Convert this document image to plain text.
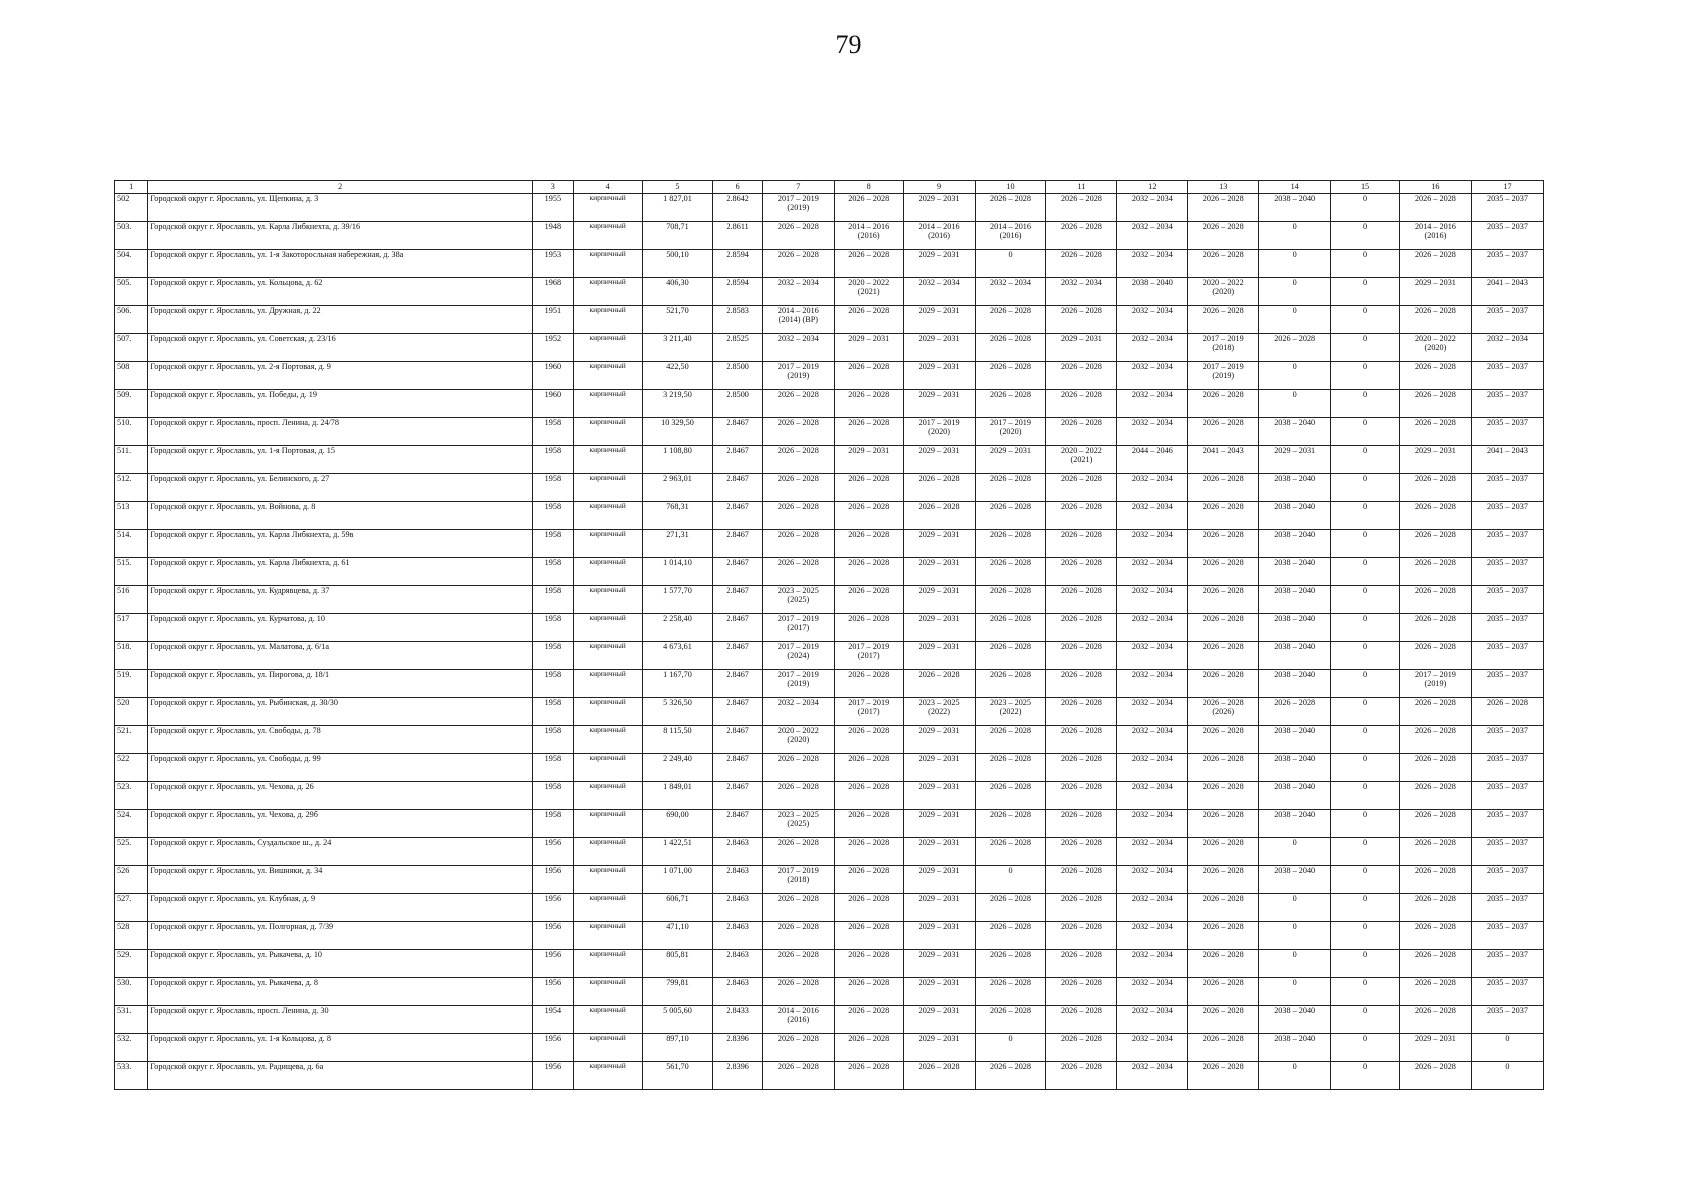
79
1	2	3	4	5	6	7	8	9	10	11	12	13	14	15	16	17
502	Городской округ г. Ярославль, ул. Щепкина, д. 3	1955	кирпичный	1 827,01	2.8642	2017 – 2019
(2019)	2026 – 2028	2029 – 2031	2026 – 2028	2026 – 2028	2032 – 2034	2026 – 2028	2038 – 2040	0	2026 – 2028	2035 – 2037
503.	Городской округ г. Ярославль, ул. Карла Либкнехта, д. 39/16	1948	кирпичный	708,71	2.8611	2026 – 2028	2014 – 2016
(2016)	2014 – 2016
(2016)	2014 – 2016
(2016)	2026 – 2028	2032 – 2034	2026 – 2028	0	0	2014 – 2016
(2016)	2035 – 2037
504.	Городской округ г. Ярославль, ул. 1-я Закоторосльная набережная, д. 38а	1953	кирпичный	500,10	2.8594	2026 – 2028	2026 – 2028	2029 – 2031	0	2026 – 2028	2032 – 2034	2026 – 2028	0	0	2026 – 2028	2035 – 2037
505.	Городской округ г. Ярославль, ул. Кольцова, д. 62	1968	кирпичный	406,30	2.8594	2032 – 2034	2020 – 2022
(2021)	2032 – 2034	2032 – 2034	2032 – 2034	2038 – 2040	2020 – 2022
(2020)	0	0	2029 – 2031	2041 – 2043
506.	Городской округ г. Ярославль, ул. Дружная, д. 22	1951	кирпичный	521,70	2.8583	2014 – 2016
(2014) (ВР)	2026 – 2028	2029 – 2031	2026 – 2028	2026 – 2028	2032 – 2034	2026 – 2028	0	0	2026 – 2028	2035 – 2037
507.	Городской округ г. Ярославль, ул. Советская, д. 23/16	1952	кирпичный	3 211,40	2.8525	2032 – 2034	2029 – 2031	2029 – 2031	2026 – 2028	2029 – 2031	2032 – 2034	2017 – 2019
(2018)	2026 – 2028	0	2020 – 2022
(2020)	2032 – 2034
508	Городской округ г. Ярославль, ул. 2-я Портовая, д. 9	1960	кирпичный	422,50	2.8500	2017 – 2019
(2019)	2026 – 2028	2029 – 2031	2026 – 2028	2026 – 2028	2032 – 2034	2017 – 2019
(2019)	0	0	2026 – 2028	2035 – 2037
509.	Городской округ г. Ярославль, ул. Победы, д. 19	1960	кирпичный	3 219,50	2.8500	2026 – 2028	2026 – 2028	2029 – 2031	2026 – 2028	2026 – 2028	2032 – 2034	2026 – 2028	0	0	2026 – 2028	2035 – 2037
510.	Городской округ г. Ярославль, просп. Ленина, д. 24/78	1958	кирпичный	10 329,50	2.8467	2026 – 2028	2026 – 2028	2017 – 2019
(2020)	2017 – 2019
(2020)	2026 – 2028	2032 – 2034	2026 – 2028	2038 – 2040	0	2026 – 2028	2035 – 2037
511.	Городской округ г. Ярославль, ул. 1-я Портовая, д. 15	1958	кирпичный	1 108,80	2.8467	2026 – 2028	2029 – 2031	2029 – 2031	2029 – 2031	2020 – 2022
(2021)	2044 – 2046	2041 – 2043	2029 – 2031	0	2029 – 2031	2041 – 2043
512.	Городской округ г. Ярославль, ул. Белинского, д. 27	1958	кирпичный	2 963,01	2.8467	2026 – 2028	2026 – 2028	2026 – 2028	2026 – 2028	2026 – 2028	2032 – 2034	2026 – 2028	2038 – 2040	0	2026 – 2028	2035 – 2037
513	Городской округ г. Ярославль, ул. Войнова, д. 8	1958	кирпичный	768,31	2.8467	2026 – 2028	2026 – 2028	2026 – 2028	2026 – 2028	2026 – 2028	2032 – 2034	2026 – 2028	2038 – 2040	0	2026 – 2028	2035 – 2037
514.	Городской округ г. Ярославль, ул. Карла Либкнехта, д. 59в	1958	кирпичный	271,31	2.8467	2026 – 2028	2026 – 2028	2029 – 2031	2026 – 2028	2026 – 2028	2032 – 2034	2026 – 2028	2038 – 2040	0	2026 – 2028	2035 – 2037
515.	Городской округ г. Ярославль, ул. Карла Либкнехта, д. 61	1958	кирпичный	1 014,10	2.8467	2026 – 2028	2026 – 2028	2029 – 2031	2026 – 2028	2026 – 2028	2032 – 2034	2026 – 2028	2038 – 2040	0	2026 – 2028	2035 – 2037
516	Городской округ г. Ярославль, ул. Кудрявцева, д. 37	1958	кирпичный	1 577,70	2.8467	2023 – 2025
(2025)	2026 – 2028	2029 – 2031	2026 – 2028	2026 – 2028	2032 – 2034	2026 – 2028	2038 – 2040	0	2026 – 2028	2035 – 2037
517	Городской округ г. Ярославль, ул. Курчатова, д. 10	1958	кирпичный	2 258,40	2.8467	2017 – 2019
(2017)	2026 – 2028	2029 – 2031	2026 – 2028	2026 – 2028	2032 – 2034	2026 – 2028	2038 – 2040	0	2026 – 2028	2035 – 2037
518.	Городской округ г. Ярославль, ул. Малатова, д. 6/1а	1958	кирпичный	4 673,61	2.8467	2017 – 2019
(2024)	2017 – 2019
(2017)	2029 – 2031	2026 – 2028	2026 – 2028	2032 – 2034	2026 – 2028	2038 – 2040	0	2026 – 2028	2035 – 2037
519.	Городской округ г. Ярославль, ул. Пирогова, д. 18/1	1958	кирпичный	1 167,70	2.8467	2017 – 2019
(2019)	2026 – 2028	2026 – 2028	2026 – 2028	2026 – 2028	2032 – 2034	2026 – 2028	2038 – 2040	0	2017 – 2019
(2019)	2035 – 2037
520	Городской округ г. Ярославль, ул. Рыбинская, д. 30/30	1958	кирпичный	5 326,50	2.8467	2032 – 2034	2017 – 2019
(2017)	2023 – 2025
(2022)	2023 – 2025
(2022)	2026 – 2028	2032 – 2034	2026 – 2028
(2026)	2026 – 2028	0	2026 – 2028	2026 – 2028
521.	Городской округ г. Ярославль, ул. Свободы, д. 78	1958	кирпичный	8 115,50	2.8467	2020 – 2022
(2020)	2026 – 2028	2029 – 2031	2026 – 2028	2026 – 2028	2032 – 2034	2026 – 2028	2038 – 2040	0	2026 – 2028	2035 – 2037
522	Городской округ г. Ярославль, ул. Свободы, д. 99	1958	кирпичный	2 249,40	2.8467	2026 – 2028	2026 – 2028	2029 – 2031	2026 – 2028	2026 – 2028	2032 – 2034	2026 – 2028	2038 – 2040	0	2026 – 2028	2035 – 2037
523.	Городской округ г. Ярославль, ул. Чехова, д. 26	1958	кирпичный	1 849,01	2.8467	2026 – 2028	2026 – 2028	2029 – 2031	2026 – 2028	2026 – 2028	2032 – 2034	2026 – 2028	2038 – 2040	0	2026 – 2028	2035 – 2037
524.	Городской округ г. Ярославль, ул. Чехова, д. 29б	1958	кирпичный	690,00	2.8467	2023 – 2025
(2025)	2026 – 2028	2029 – 2031	2026 – 2028	2026 – 2028	2032 – 2034	2026 – 2028	2038 – 2040	0	2026 – 2028	2035 – 2037
525.	Городской округ г. Ярославль, Суздальское ш., д. 24	1956	кирпичный	1 422,51	2.8463	2026 – 2028	2026 – 2028	2029 – 2031	2026 – 2028	2026 – 2028	2032 – 2034	2026 – 2028	0	0	2026 – 2028	2035 – 2037
526	Городской округ г. Ярославль, ул. Вишняки, д. 34	1956	кирпичный	1 071,00	2.8463	2017 – 2019
(2018)	2026 – 2028	2029 – 2031	0	2026 – 2028	2032 – 2034	2026 – 2028	2038 – 2040	0	2026 – 2028	2035 – 2037
527.	Городской округ г. Ярославль, ул. Клубная, д. 9	1956	кирпичный	606,71	2.8463	2026 – 2028	2026 – 2028	2029 – 2031	2026 – 2028	2026 – 2028	2032 – 2034	2026 – 2028	0	0	2026 – 2028	2035 – 2037
528	Городской округ г. Ярославль, ул. Полгорная, д. 7/39	1956	кирпичный	471,10	2.8463	2026 – 2028	2026 – 2028	2029 – 2031	2026 – 2028	2026 – 2028	2032 – 2034	2026 – 2028	0	0	2026 – 2028	2035 – 2037
529.	Городской округ г. Ярославль, ул. Рыкачева, д. 10	1956	кирпичный	805,81	2.8463	2026 – 2028	2026 – 2028	2029 – 2031	2026 – 2028	2026 – 2028	2032 – 2034	2026 – 2028	0	0	2026 – 2028	2035 – 2037
530.	Городской округ г. Ярославль, ул. Рыкачева, д. 8	1956	кирпичный	799,81	2.8463	2026 – 2028	2026 – 2028	2029 – 2031	2026 – 2028	2026 – 2028	2032 – 2034	2026 – 2028	0	0	2026 – 2028	2035 – 2037
531.	Городской округ г. Ярославль, просп. Ленина, д. 30	1954	кирпичный	5 005,60	2.8433	2014 – 2016
(2016)	2026 – 2028	2029 – 2031	2026 – 2028	2026 – 2028	2032 – 2034	2026 – 2028	2038 – 2040	0	2026 – 2028	2035 – 2037
532.	Городской округ г. Ярославль, ул. 1-я Кольцова, д. 8	1956	кирпичный	897,10	2.8396	2026 – 2028	2026 – 2028	2029 – 2031	0	2026 – 2028	2032 – 2034	2026 – 2028	2038 – 2040	0	2029 – 2031	0
533.	Городской округ г. Ярославль, ул. Радищева, д. 6а	1956	кирпичный	561,70	2.8396	2026 – 2028	2026 – 2028	2026 – 2028	2026 – 2028	2026 – 2028	2032 – 2034	2026 – 2028	0	0	2026 – 2028	0
